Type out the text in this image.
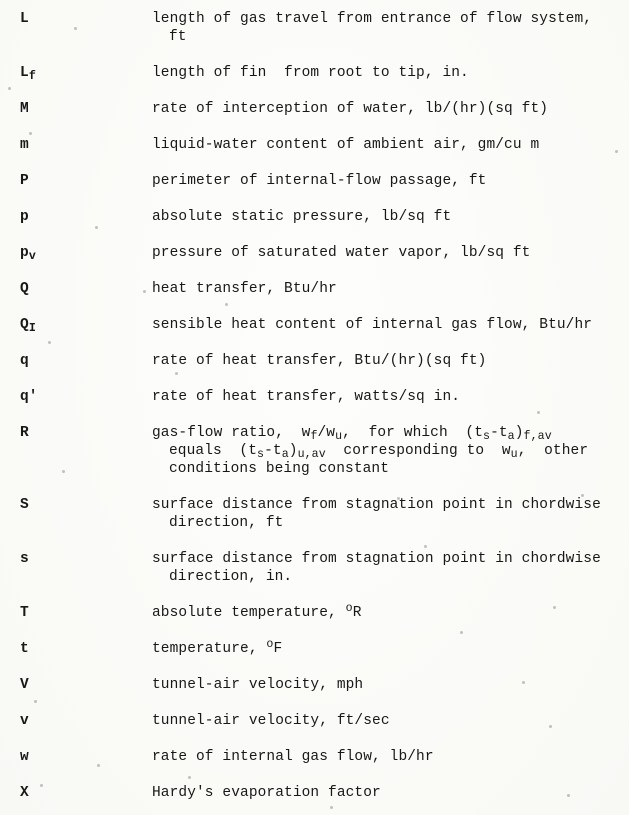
L	length of gas travel from entrance of flow system,
ft
$L_f$	length of fin  from root to tip, in.
M	rate of interception of water, lb/(hr)(sq ft)
m	liquid-water content of ambient air, gm/cu m
P	perimeter of internal-flow passage, ft
p	absolute static pressure, lb/sq ft
$p_v$	pressure of saturated water vapor, lb/sq ft
Q	heat transfer, Btu/hr
$Q_I$	sensible heat content of internal gas flow, Btu/hr
q	rate of heat transfer, Btu/(hr)(sq ft)
q'	rate of heat transfer, watts/sq in.
R	gas-flow ratio,  $w_f/w_u$,  for which  $(t_s-t_a)_{f,av}$
equals  $(t_s-t_a)_{u,av}$  corresponding to  $w_u$,  other
conditions being constant
S	surface distance from stagnation point in chordwise
direction, ft
s	surface distance from stagnation point in chordwise
direction, in.
T	absolute temperature, $^o$R
t	temperature, $^o$F
V	tunnel-air velocity, mph
v	tunnel-air velocity, ft/sec
w	rate of internal gas flow, lb/hr
X	Hardy's evaporation factor
